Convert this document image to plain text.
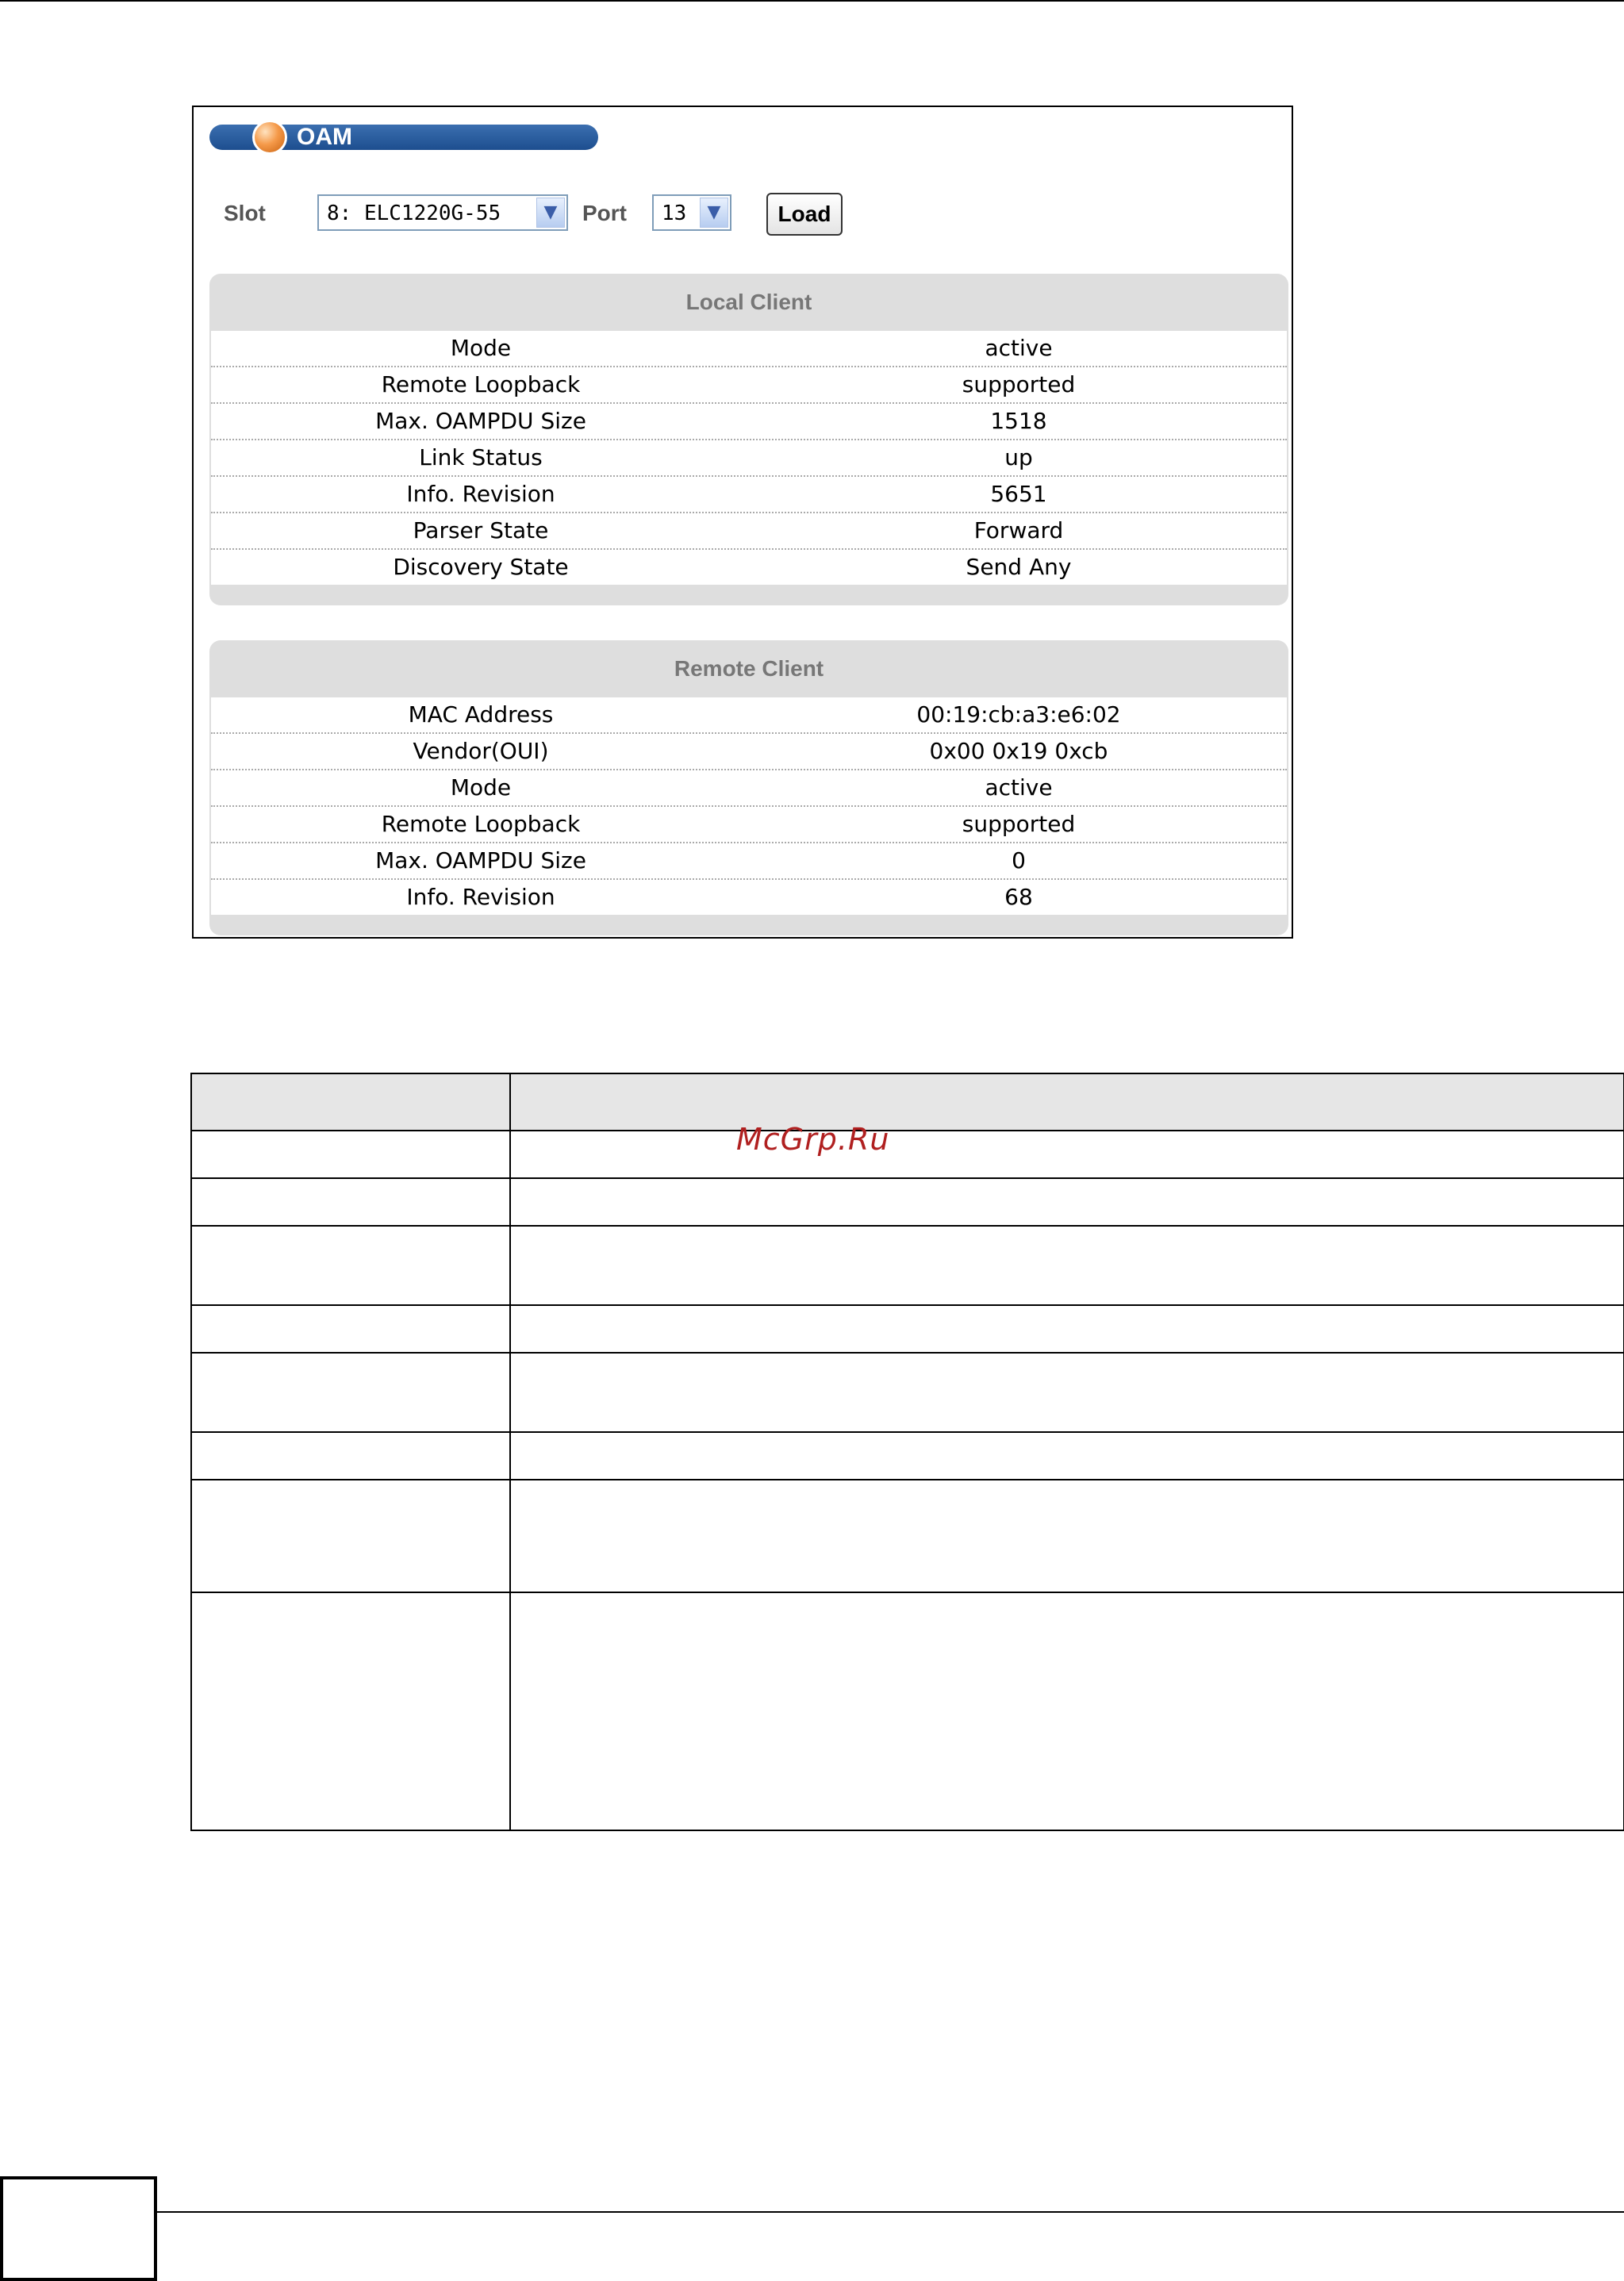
OAM
Slot	8: ELC1220G-55	▼	Port 13	▼	Load
Local Client
Mode	active
Remote Loopback	supported
Max. OAMPDU Size	1518
Link Status	up
Info. Revision	5651
Parser State	Forward
Discovery State	Send Any
Remote Client
MAC Address	00:19:cb:a3:e6:02
Vendor(OUI)	0x00 0x19 0xcb
Mode	active
Remote Loopback	supported
Max. OAMPDU Size	0
Info. Revision	68

McGrp.Ru
